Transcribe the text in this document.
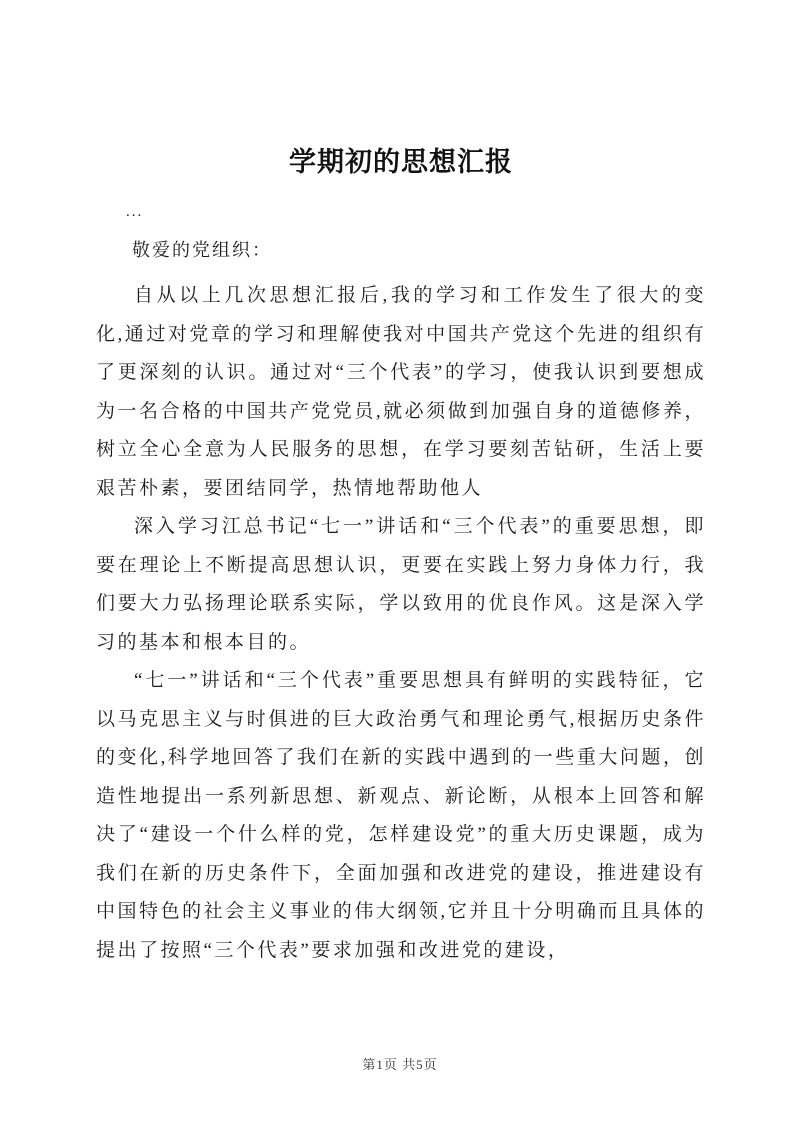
学期初的思想汇报

...

敬爱的党组织：

自从以上几次思想汇报后,我的学习和工作发生了很大的变化,通过对党章的学习和理解使我对中国共产党这个先进的组织有了更深刻的认识。通过对“三个代表”的学习，使我认识到要想成为一名合格的中国共产党党员,就必须做到加强自身的道德修养，树立全心全意为人民服务的思想，在学习要刻苦钻研，生活上要艰苦朴素，要团结同学，热情地帮助他人

深入学习江总书记“七一”讲话和“三个代表”的重要思想，即要在理论上不断提高思想认识，更要在实践上努力身体力行，我们要大力弘扬理论联系实际，学以致用的优良作风。这是深入学习的基本和根本目的。

“七一”讲话和“三个代表”重要思想具有鲜明的实践特征，它以马克思主义与时俱进的巨大政治勇气和理论勇气,根据历史条件的变化,科学地回答了我们在新的实践中遇到的一些重大问题，创造性地提出一系列新思想、新观点、新论断，从根本上回答和解决了“建设一个什么样的党，怎样建设党”的重大历史课题，成为我们在新的历史条件下，全面加强和改进党的建设，推进建设有中国特色的社会主义事业的伟大纲领,它并且十分明确而且具体的提出了按照“三个代表”要求加强和改进党的建设，

第1页 共5页
